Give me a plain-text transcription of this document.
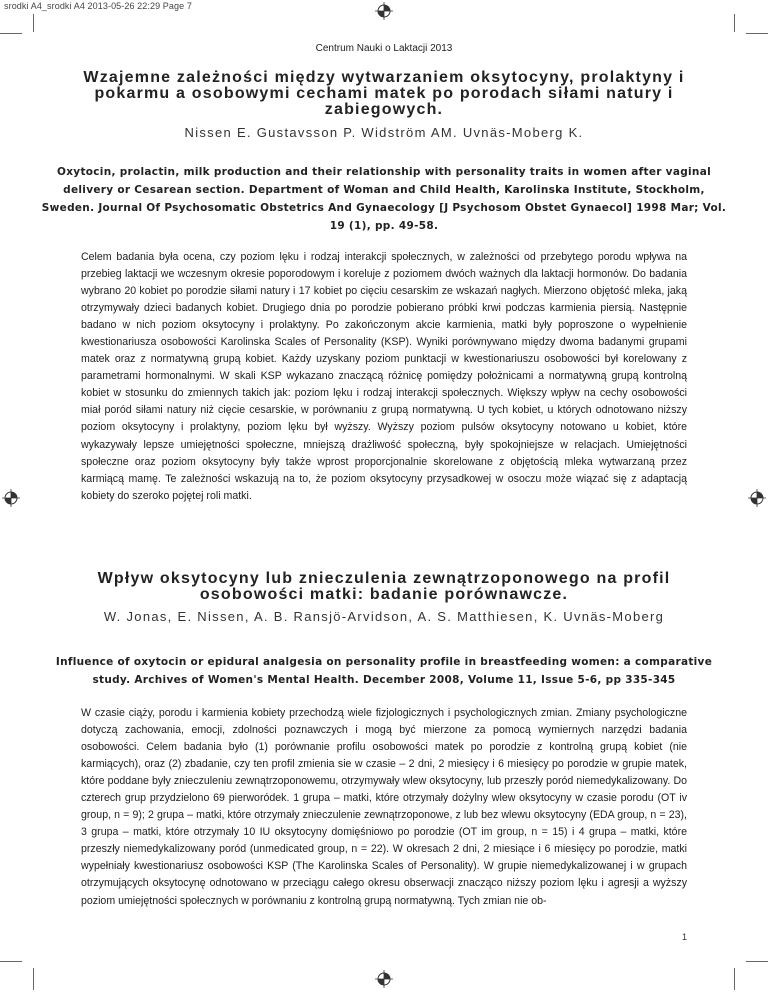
srodki A4_srodki A4 2013-05-26 22:29 Page 7
Centrum Nauki o Laktacji 2013
Wzajemne zależności między wytwarzaniem oksytocyny, prolaktyny i pokarmu a osobowymi cechami matek po porodach siłami natury i zabiegowych.

Nissen E. Gustavsson P. Widström AM. Uvnäs-Moberg K.

Oxytocin, prolactin, milk production and their relationship with personality traits in women after vaginal delivery or Cesarean section. Department of Woman and Child Health, Karolinska Institute, Stockholm, Sweden. Journal Of Psychosomatic Obstetrics And Gynaecology [J Psychosom Obstet Gynaecol] 1998 Mar; Vol. 19 (1), pp. 49-58.

Celem badania była ocena, czy poziom lęku i rodzaj interakcji społecznych, w zależności od przebytego porodu wpływa na przebieg laktacji we wczesnym okresie poporodowym i koreluje z poziomem dwóch ważnych dla laktacji hormonów. Do badania wybrano 20 kobiet po porodzie siłami natury i 17 kobiet po cięciu cesarskim ze wskazań nagłych. Mierzono objętość mleka, jaką otrzymywały dzieci badanych kobiet. Drugiego dnia po porodzie pobierano próbki krwi podczas karmienia piersią. Następnie badano w nich poziom oksytocyny i prolaktyny. Po zakończonym akcie karmienia, matki były poproszone o wypełnienie kwestionariusza osobowości Karolinska Scales of Personality (KSP). Wyniki porównywano między dwoma badanymi grupami matek oraz z normatywną grupą kobiet. Każdy uzyskany poziom punktacji w kwestionariuszu osobowości był korelowany z parametrami hormonalnymi. W skali KSP wykazano znaczącą różnicę pomiędzy położnicami a normatywną grupą kontrolną kobiet w stosunku do zmiennych takich jak: poziom lęku i rodzaj interakcji społecznych. Większy wpływ na cechy osobowości miał poród siłami natury niż cięcie cesarskie, w porównaniu z grupą normatywną. U tych kobiet, u których odnotowano niższy poziom oksytocyny i prolaktyny, poziom lęku był wyższy. Wyższy poziom pulsów oksytocyny notowano u kobiet, które wykazywały lepsze umiejętności społeczne, mniejszą drażliwość społeczną, były spokojniejsze w relacjach. Umiejętności społeczne oraz poziom oksytocyny były także wprost proporcjonalnie skorelowane z objętością mleka wytwarzaną przez karmiącą mamę. Te zależności wskazują na to, że poziom oksytocyny przysadkowej w osoczu może wiązać się z adaptacją kobiety do szeroko pojętej roli matki.

Wpływ oksytocyny lub znieczulenia zewnątrzoponowego na profil osobowości matki: badanie porównawcze.

W. Jonas, E. Nissen, A. B. Ransjö-Arvidson, A. S. Matthiesen, K. Uvnäs-Moberg

Influence of oxytocin or epidural analgesia on personality profile in breastfeeding women: a comparative study. Archives of Women's Mental Health. December 2008, Volume 11, Issue 5-6, pp 335-345

W czasie ciąży, porodu i karmienia kobiety przechodzą wiele fizjologicznych i psychologicznych zmian. Zmiany psychologiczne dotyczą zachowania, emocji, zdolności poznawczych i mogą być mierzone za pomocą wymiernych narzędzi badania osobowości. Celem badania było (1) porównanie profilu osobowości matek po porodzie z kontrolną grupą kobiet (nie karmiących), oraz (2) zbadanie, czy ten profil zmienia sie w czasie – 2 dni, 2 miesięcy i 6 miesięcy po porodzie w grupie matek, które poddane były znieczuleniu zewnątrzoponowemu, otrzymywały wlew oksytocyny, lub przeszły poród niemedykalizowany. Do czterech grup przydzielono 69 pierworódek. 1 grupa – matki, które otrzymały dożylny wlew oksytocyny w czasie porodu (OT iv group, n = 9); 2 grupa – matki, które otrzymały znieczulenie zewnątrzoponowe, z lub bez wlewu oksytocyny (EDA group, n = 23), 3 grupa – matki, które otrzymały 10 IU oksytocyny domięśniowo po porodzie (OT im group, n = 15) i 4 grupa – matki, które przeszły niemedykalizowany poród (unmedicated group, n = 22). W okresach 2 dni, 2 miesiące i 6 miesięcy po porodzie, matki wypełniały kwestionariusz osobowości KSP (The Karolinska Scales of Personality). W grupie niemedykalizowanej i w grupach otrzymujących oksytocynę odnotowano w przeciągu całego okresu obserwacji znacząco niższy poziom lęku i agresji a wyższy poziom umiejętności społecznych w porównaniu z kontrolną grupą normatywną. Tych zmian nie ob-

1
